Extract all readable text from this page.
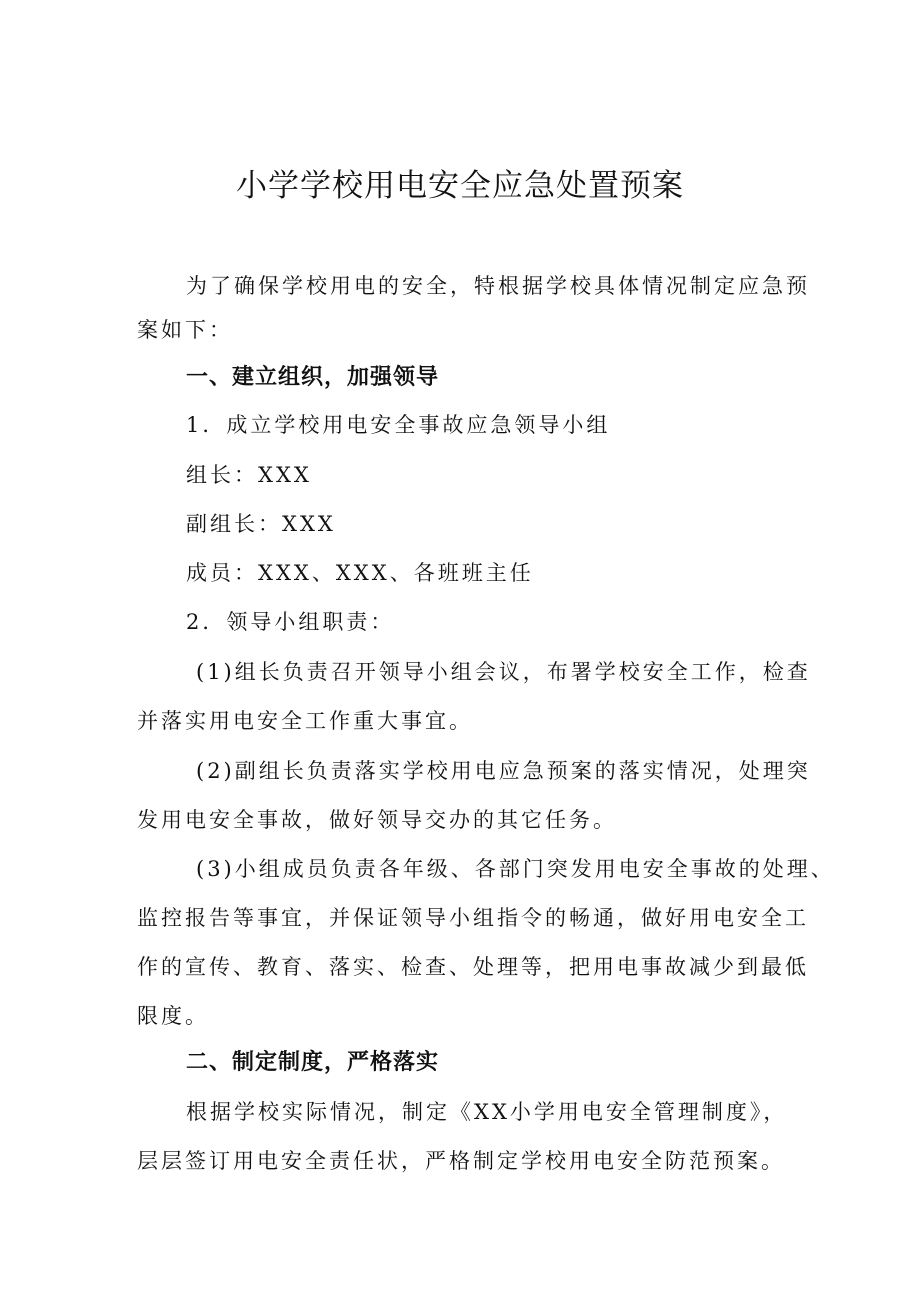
小学学校用电安全应急处置预案

为了确保学校用电的安全，特根据学校具体情况制定应急预

案如下：

一、建立组织，加强领导

1．成立学校用电安全事故应急领导小组

组长：XXX

副组长：XXX

成员：XXX、XXX、各班班主任

2．领导小组职责：

(1)组长负责召开领导小组会议，布署学校安全工作，检查

并落实用电安全工作重大事宜。

(2)副组长负责落实学校用电应急预案的落实情况，处理突

发用电安全事故，做好领导交办的其它任务。

(3)小组成员负责各年级、各部门突发用电安全事故的处理、

监控报告等事宜，并保证领导小组指令的畅通，做好用电安全工

作的宣传、教育、落实、检查、处理等，把用电事故减少到最低

限度。

二、制定制度，严格落实

根据学校实际情况，制定《XX小学用电安全管理制度》，

层层签订用电安全责任状，严格制定学校用电安全防范预案。
